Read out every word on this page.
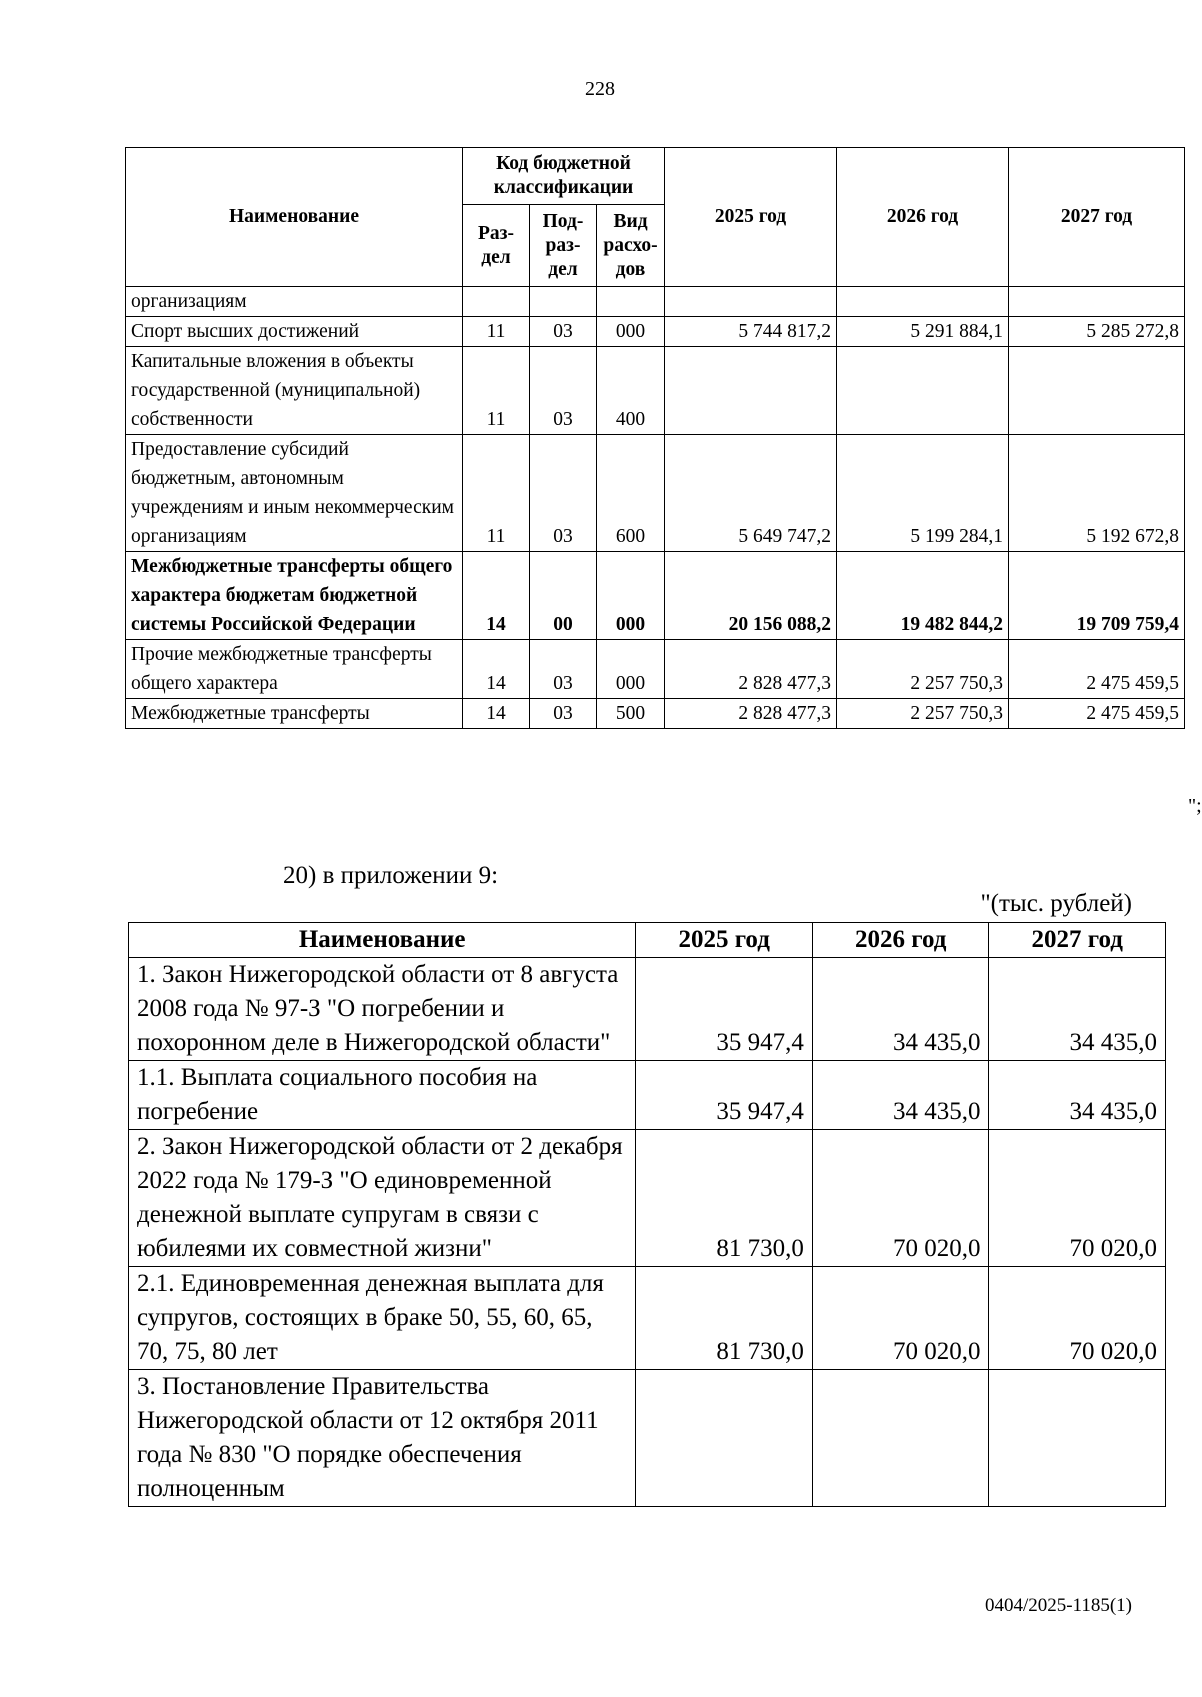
228
Наименование	Код бюджетной классификации			2025 год	2026 год	2027 год
	Раз-дел	Под-раз-дел	Вид расхо-дов			
организациям						
Спорт высших достижений	11	03	000	5 744 817,2	5 291 884,1	5 285 272,8
Капитальные вложения в объекты государственной (муниципальной) собственности	11	03	400			
Предоставление субсидий бюджетным, автономным учреждениям и иным некоммерческим организациям	11	03	600	5 649 747,2	5 199 284,1	5 192 672,8
Межбюджетные трансферты общего характера бюджетам бюджетной системы Российской Федерации	14	00	000	20 156 088,2	19 482 844,2	19 709 759,4
Прочие межбюджетные трансферты общего характера	14	03	000	2 828 477,3	2 257 750,3	2 475 459,5
Межбюджетные трансферты	14	03	500	2 828 477,3	2 257 750,3	2 475 459,5
";
20) в приложении 9:
"(тыс. рублей)
Наименование	2025 год	2026 год	2027 год
1. Закон Нижегородской области от 8 августа 2008 года № 97-З "О погребении и похоронном деле в Нижегородской области"	35 947,4	34 435,0	34 435,0
1.1. Выплата социального пособия на погребение	35 947,4	34 435,0	34 435,0
2. Закон Нижегородской области от 2 декабря 2022 года № 179-З "О единовременной денежной выплате супругам в связи с юбилеями их совместной жизни"	81 730,0	70 020,0	70 020,0
2.1. Единовременная денежная выплата для супругов, состоящих в браке 50, 55, 60, 65, 70, 75, 80 лет	81 730,0	70 020,0	70 020,0
3. Постановление Правительства Нижегородской области от 12 октября 2011 года № 830 "О порядке обеспечения полноценным			
0404/2025-1185(1)
